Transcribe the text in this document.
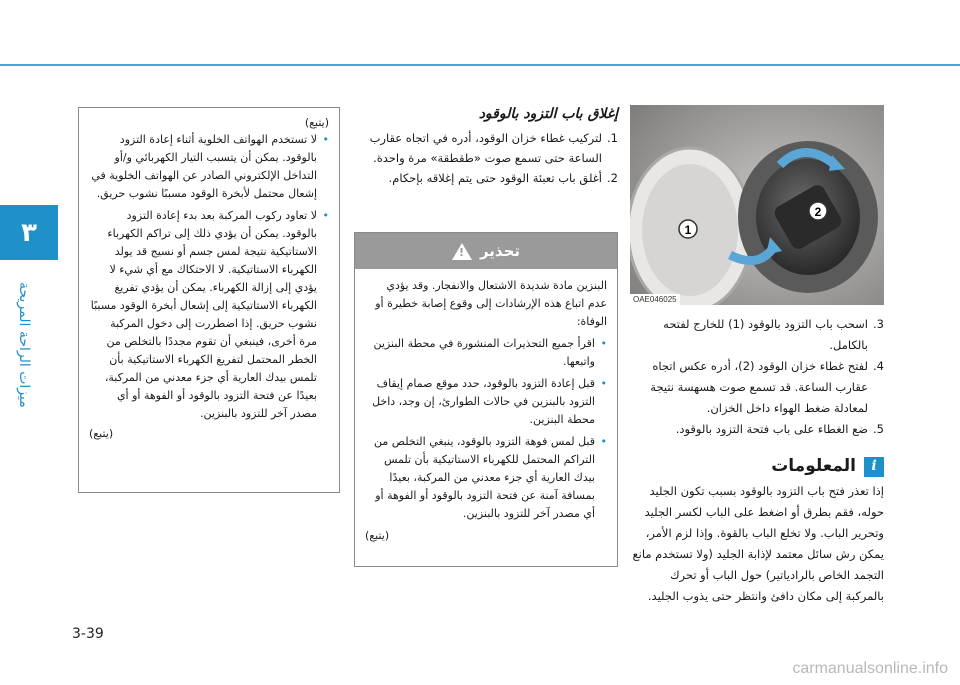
٣
ميزات الراحة المريحة
(يتبع)
• لا تستخدم الهواتف الخلوية أثناء إعادة التزود بالوقود. يمكن أن يتسبب التيار الكهربائي و/أو التداخل الإلكتروني الصادر عن الهواتف الخلوية في إشعال محتمل لأبخرة الوقود مسببًا نشوب حريق.
• لا تعاود ركوب المركبة بعد بدء إعادة التزود بالوقود. يمكن أن يؤدي ذلك إلى تراكم الكهرباء الاستاتيكية نتيجة لمس جسم أو نسيج قد يولد الكهرباء الاستاتيكية. لا الاحتكاك مع أي شيء لا يؤدي إلى إزالة الكهرباء. يمكن أن يؤدي تفريغ الكهرباء الاستاتيكية إلى إشعال أبخرة الوقود مسببًا نشوب حريق. إذا اضطررت إلى دخول المركبة مرة أخرى، فينبغي أن تقوم مجددًا بالتخلص من الخطر المحتمل لتفريغ الكهرباء الاستاتيكية بأن تلمس بيدك العارية أي جزء معدني من المركبة، بعيدًا عن فتحة التزود بالوقود أو الفوهة أو أي مصدر آخر للتزود بالبنزين.
(يتبع)
إغلاق باب التزود بالوقود
1.
لتركيب غطاء خزان الوقود، أدره في اتجاه عقارب الساعة حتى تسمع صوت «طقطقة» مرة واحدة.
2.
أغلق باب تعبئة الوقود حتى يتم إغلاقه بإحكام.
تحذير
!
البنزين مادة شديدة الاشتعال والانفجار. وقد يؤدي عدم اتباع هذه الإرشادات إلى وقوع إصابة خطيرة أو الوفاة:
• اقرأ جميع التحذيرات المنشورة في محطة البنزين واتبعها.
• قبل إعادة التزود بالوقود، حدد موقع صمام إيقاف التزود بالبنزين في حالات الطوارئ، إن وجد، داخل محطة البنزين.
• قبل لمس فوهة التزود بالوقود، ينبغي التخلص من التراكم المحتمل للكهرباء الاستاتيكية بأن تلمس بيدك العارية أي جزء معدني من المركبة، بعيدًا بمسافة آمنة عن فتحة التزود بالوقود أو الفوهة أو أي مصدر آخر للتزود بالبنزين.
(يتبع)
1
2
OAE046025
3.
اسحب باب التزود بالوقود (1) للخارج لفتحه بالكامل.
4.
لفتح غطاء خزان الوقود (2)، أدره عكس اتجاه عقارب الساعة. قد تسمع صوت هسهسة نتيجة لمعادلة ضغط الهواء داخل الخزان.
5.
ضع الغطاء على باب فتحة التزود بالوقود.
i
المعلومات
إذا تعذر فتح باب التزود بالوقود بسبب تكون الجليد حوله، فقم بطرق أو اضغط على الباب لكسر الجليد وتحرير الباب. ولا تخلع الباب بالقوة. وإذا لزم الأمر، يمكن رش سائل معتمد لإذابة الجليد (ولا تستخدم مانع التجمد الخاص بالرادياتير) حول الباب أو تحرك بالمركبة إلى مكان دافئ وانتظر حتى يذوب الجليد.
3-39
carmanualsonline.info
